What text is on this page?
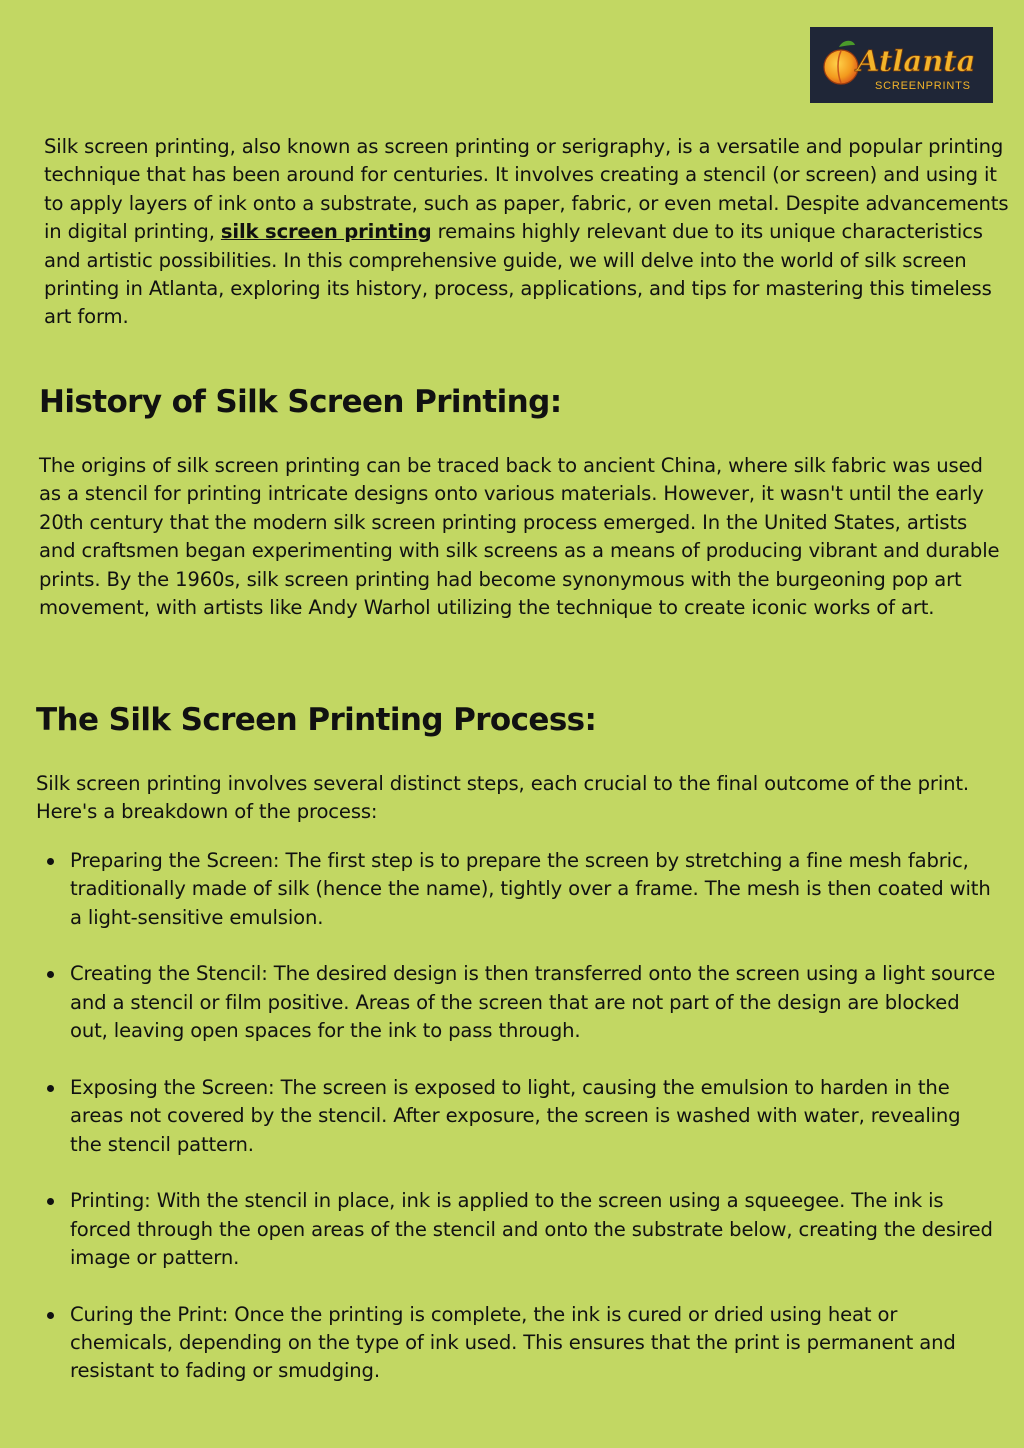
Atlanta
SCREENPRINTS

Silk screen printing, also known as screen printing or serigraphy, is a versatile and popular printing technique that has been around for centuries. It involves creating a stencil (or screen) and using it to apply layers of ink onto a substrate, such as paper, fabric, or even metal. Despite advancements in digital printing, silk screen printing remains highly relevant due to its unique characteristics and artistic possibilities. In this comprehensive guide, we will delve into the world of silk screen printing in Atlanta, exploring its history, process, applications, and tips for mastering this timeless art form.

History of Silk Screen Printing:

The origins of silk screen printing can be traced back to ancient China, where silk fabric was used as a stencil for printing intricate designs onto various materials. However, it wasn't until the early 20th century that the modern silk screen printing process emerged. In the United States, artists and craftsmen began experimenting with silk screens as a means of producing vibrant and durable prints. By the 1960s, silk screen printing had become synonymous with the burgeoning pop art movement, with artists like Andy Warhol utilizing the technique to create iconic works of art.

The Silk Screen Printing Process:

Silk screen printing involves several distinct steps, each crucial to the final outcome of the print. Here's a breakdown of the process:

Preparing the Screen: The first step is to prepare the screen by stretching a fine mesh fabric, traditionally made of silk (hence the name), tightly over a frame. The mesh is then coated with a light-sensitive emulsion.
Creating the Stencil: The desired design is then transferred onto the screen using a light source and a stencil or film positive. Areas of the screen that are not part of the design are blocked out, leaving open spaces for the ink to pass through.
Exposing the Screen: The screen is exposed to light, causing the emulsion to harden in the areas not covered by the stencil. After exposure, the screen is washed with water, revealing the stencil pattern.
Printing: With the stencil in place, ink is applied to the screen using a squeegee. The ink is forced through the open areas of the stencil and onto the substrate below, creating the desired image or pattern.
Curing the Print: Once the printing is complete, the ink is cured or dried using heat or chemicals, depending on the type of ink used. This ensures that the print is permanent and resistant to fading or smudging.
